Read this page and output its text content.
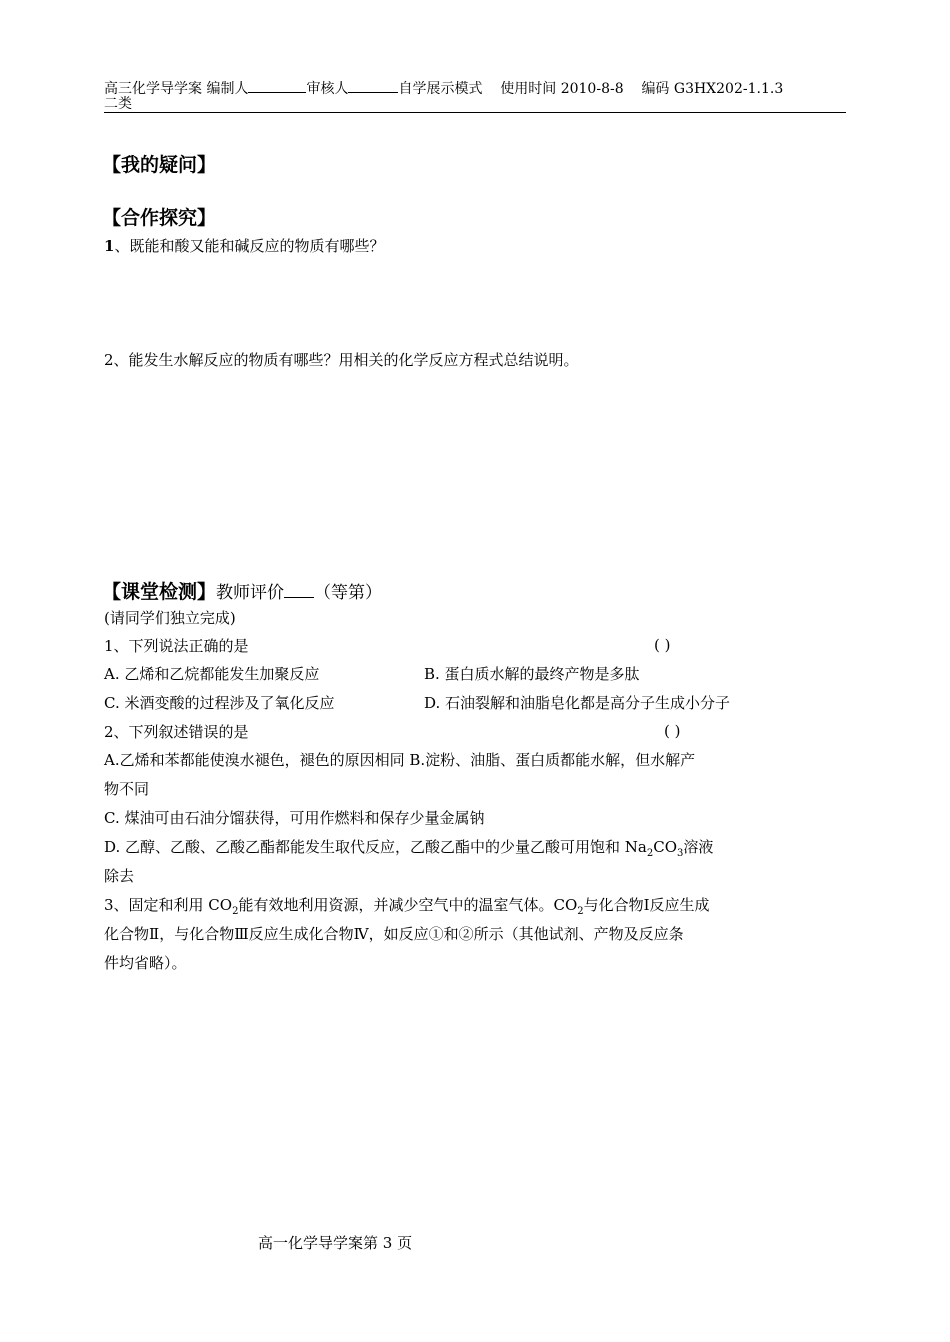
高三化学导学案 编制人	审核人	自学展示模式 使用时间 2010-8-8 编码 G3HX202-1.1.3
二类
【我的疑问】
【合作探究】
1、既能和酸又能和碱反应的物质有哪些？
2、能发生水解反应的物质有哪些？用相关的化学反应方程式总结说明。
【课堂检测】教师评价 （等第）
(请同学们独立完成)
1、下列说法正确的是	( )
A. 乙烯和乙烷都能发生加聚反应	B. 蛋白质水解的最终产物是多肽
C. 米酒变酸的过程涉及了氧化反应	D. 石油裂解和油脂皂化都是高分子生成小分子
2、下列叙述错误的是	( )
A.乙烯和苯都能使溴水褪色，褪色的原因相同 B.淀粉、油脂、蛋白质都能水解，但水解产
物不同
C. 煤油可由石油分馏获得，可用作燃料和保存少量金属钠
D. 乙醇、乙酸、乙酸乙酯都能发生取代反应，乙酸乙酯中的少量乙酸可用饱和 $Na_2CO_3$溶液
除去
3、固定和利用 $CO_2$能有效地利用资源，并减少空气中的温室气体。$CO_2$与化合物Ⅰ反应生成
化合物Ⅱ，与化合物Ⅲ反应生成化合物Ⅳ，如反应①和②所示（其他试剂、产物及反应条
件均省略）。
高一化学导学案第 3 页
